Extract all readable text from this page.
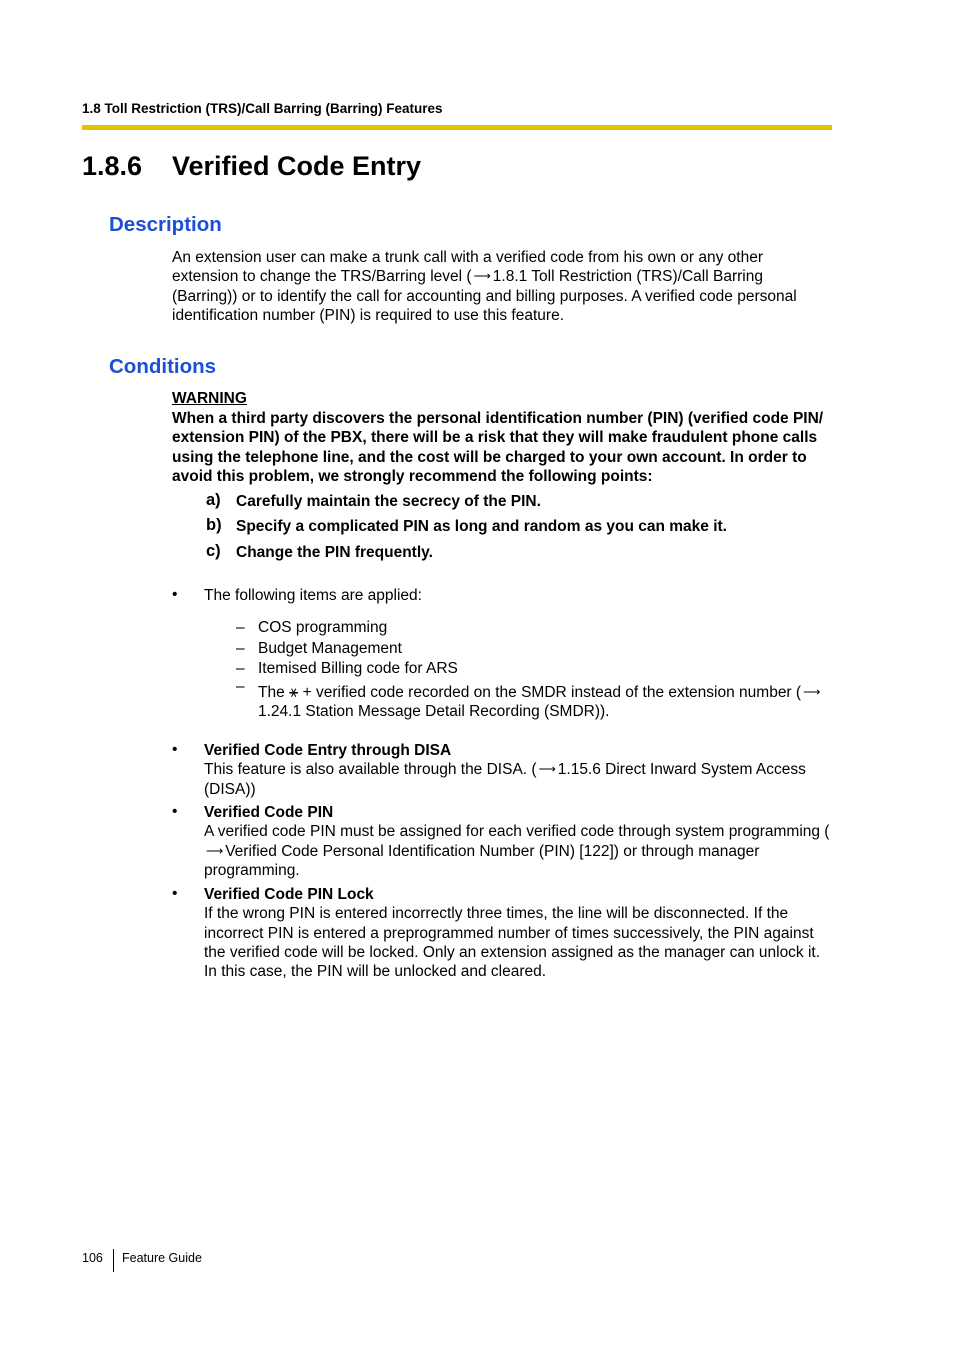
1.8 Toll Restriction (TRS)/Call Barring (Barring) Features
1.8.6 Verified Code Entry
Description

An extension user can make a trunk call with a verified code from his own or any other extension to change the TRS/Barring level ( ⟶ 1.8.1 Toll Restriction (TRS)/Call Barring (Barring)) or to identify the call for accounting and billing purposes. A verified code personal identification number (PIN) is required to use this feature.

Conditions
WARNING
When a third party discovers the personal identification number (PIN) (verified code PIN/ extension PIN) of the PBX, there will be a risk that they will make fraudulent phone calls using the telephone line, and the cost will be charged to your own account. In order to avoid this problem, we strongly recommend the following points:
a) Carefully maintain the secrecy of the PIN.
b) Specify a complicated PIN as long and random as you can make it.
c) Change the PIN frequently.
• The following items are applied:
– COS programming
– Budget Management
– Itemised Billing code for ARS
– The ⚹ + verified code recorded on the SMDR instead of the extension number ( ⟶1.24.1 Station Message Detail Recording (SMDR)).
• Verified Code Entry through DISA
This feature is also available through the DISA. ( ⟶ 1.15.6 Direct Inward System Access (DISA))
• Verified Code PIN
A verified code PIN must be assigned for each verified code through system programming (⟶ Verified Code Personal Identification Number (PIN) [122]) or through manager programming.
• Verified Code PIN Lock
If the wrong PIN is entered incorrectly three times, the line will be disconnected. If the incorrect PIN is entered a preprogrammed number of times successively, the PIN against the verified code will be locked. Only an extension assigned as the manager can unlock it. In this case, the PIN will be unlocked and cleared.
106 Feature Guide
